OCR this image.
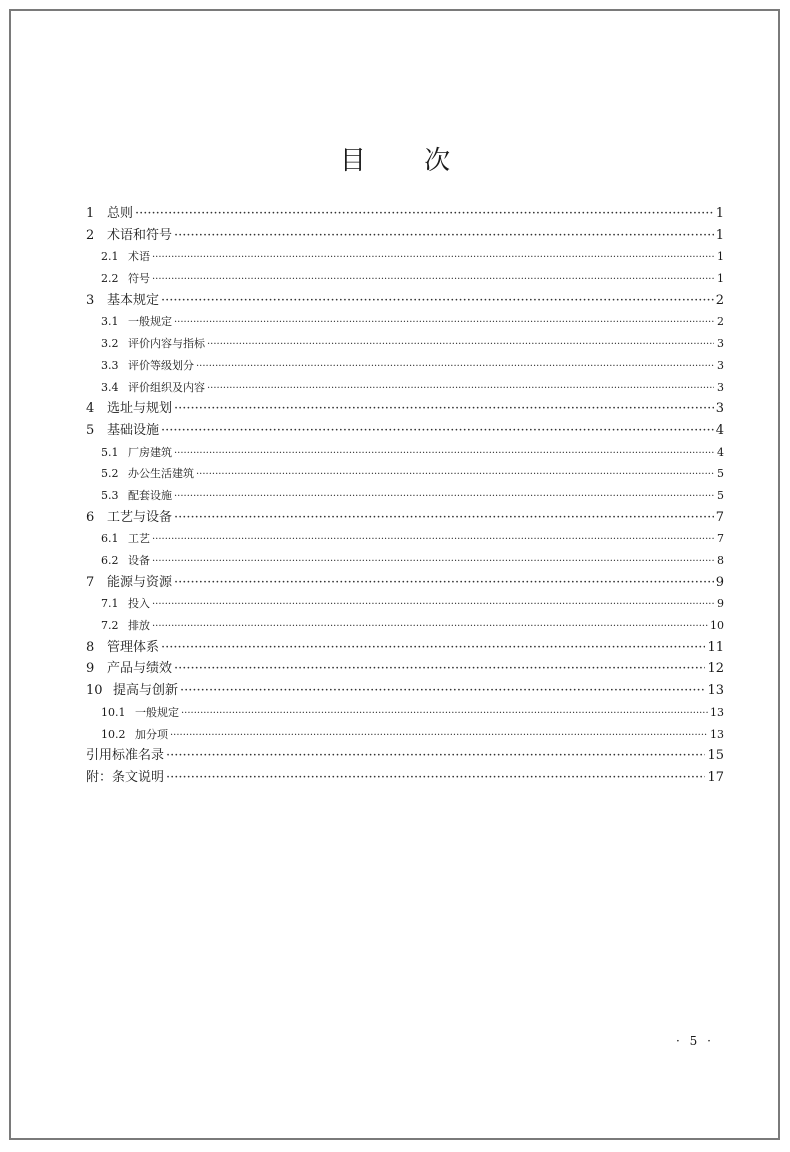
目 次
1 总则 ·····	1
2 术语和符号 ·····	1
2.1 术语 ·····	1
2.2 符号 ·····	1
3 基本规定 ·····	2
3.1 一般规定 ·····	2
3.2 评价内容与指标 ·····	3
3.3 评价等级划分 ·····	3
3.4 评价组织及内容 ·····	3
4 选址与规划 ·····	3
5 基础设施 ·····	4
5.1 厂房建筑 ·····	4
5.2 办公生活建筑 ·····	5
5.3 配套设施 ·····	5
6 工艺与设备 ·····	7
6.1 工艺 ·····	7
6.2 设备 ·····	8
7 能源与资源 ·····	9
7.1 投入 ·····	9
7.2 排放 ·····	10
8 管理体系 ·····	11
9 产品与绩效 ·····	12
10 提高与创新 ·····	13
10.1 一般规定 ·····	13
10.2 加分项 ·····	13
引用标准名录 ·····	15
附：条文说明 ·····	17
· 5 ·
